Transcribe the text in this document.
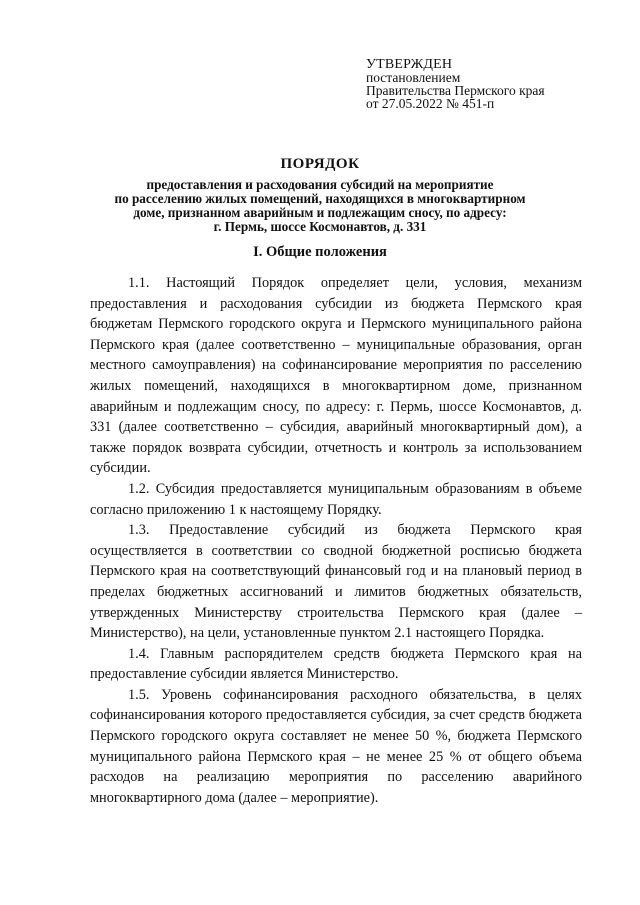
УТВЕРЖДЕН
постановлением
Правительства Пермского края
от 27.05.2022 № 451-п
ПОРЯДОК
предоставления и расходования субсидий на мероприятие
по расселению жилых помещений, находящихся в многоквартирном
доме, признанном аварийным и подлежащим сносу, по адресу:
г. Пермь, шоссе Космонавтов, д. 331
I. Общие положения

1.1. Настоящий Порядок определяет цели, условия, механизм предоставления и расходования субсидии из бюджета Пермского края бюджетам Пермского городского округа и Пермского муниципального района Пермского края (далее соответственно – муниципальные образования, орган местного самоуправления) на софинансирование мероприятия по расселению жилых помещений, находящихся в многоквартирном доме, признанном аварийным и подлежащим сносу, по адресу: г. Пермь, шоссе Космонавтов, д. 331 (далее соответственно – субсидия, аварийный многоквартирный дом), а также порядок возврата субсидии, отчетность и контроль за использованием субсидии.

1.2. Субсидия предоставляется муниципальным образованиям в объеме согласно приложению 1 к настоящему Порядку.

1.3. Предоставление субсидий из бюджета Пермского края осуществляется в соответствии со сводной бюджетной росписью бюджета Пермского края на соответствующий финансовый год и на плановый период в пределах бюджетных ассигнований и лимитов бюджетных обязательств, утвержденных Министерству строительства Пермского края (далее – Министерство), на цели, установленные пунктом 2.1 настоящего Порядка.

1.4. Главным распорядителем средств бюджета Пермского края на предоставление субсидии является Министерство.

1.5. Уровень софинансирования расходного обязательства, в целях софинансирования которого предоставляется субсидия, за счет средств бюджета Пермского городского округа составляет не менее 50 %, бюджета Пермского муниципального района Пермского края – не менее 25 % от общего объема расходов на реализацию мероприятия по расселению аварийного многоквартирного дома (далее – мероприятие).
